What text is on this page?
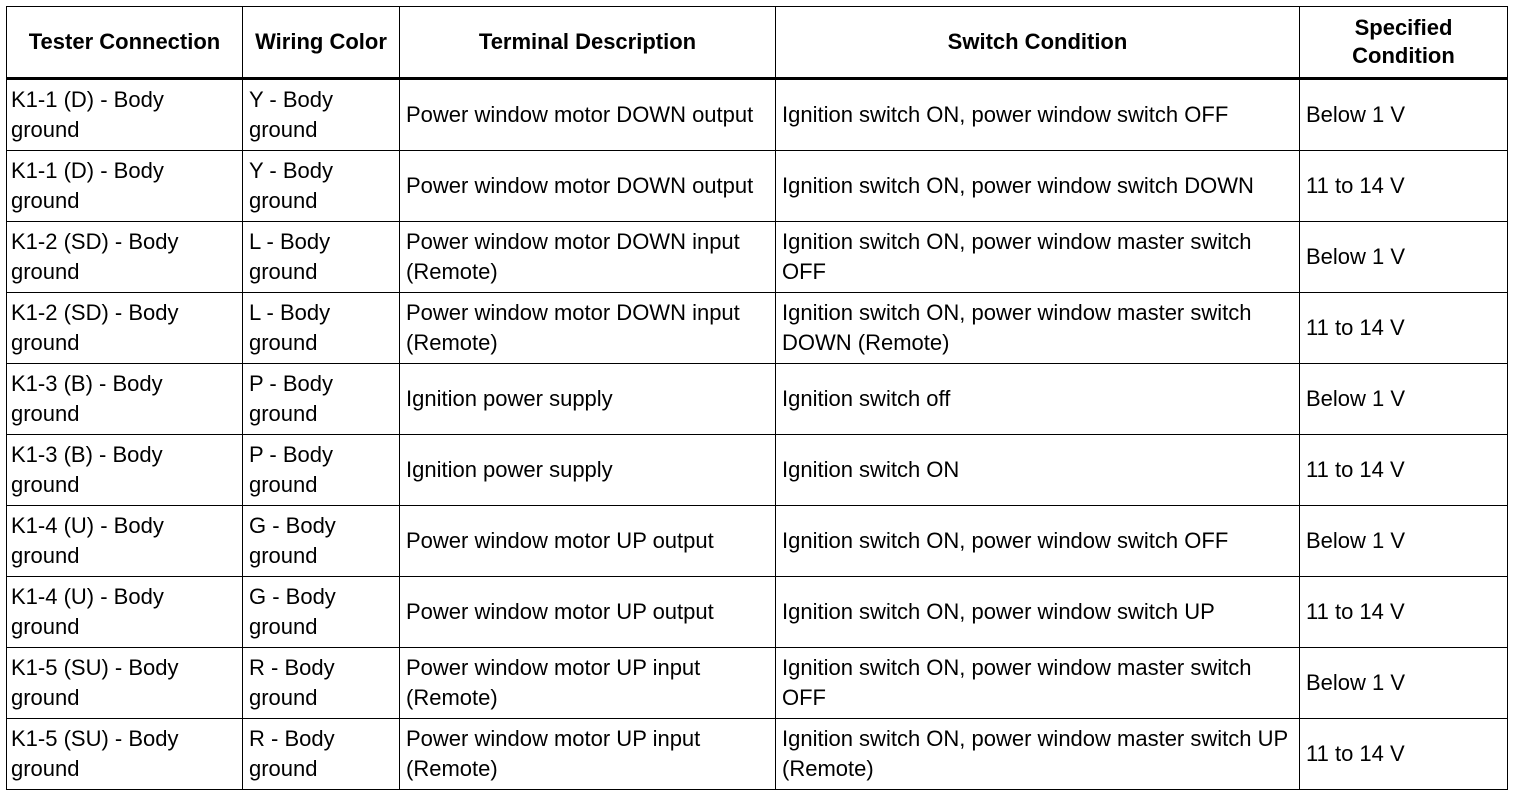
Tester Connection	Wiring Color	Terminal Description	Switch Condition	Specified Condition
K1-1 (D) - Body ground	Y - Body ground	Power window motor DOWN output	Ignition switch ON, power window switch OFF	Below 1 V
K1-1 (D) - Body ground	Y - Body ground	Power window motor DOWN output	Ignition switch ON, power window switch DOWN	11 to 14 V
K1-2 (SD) - Body ground	L - Body ground	Power window motor DOWN input (Remote)	Ignition switch ON, power window master switch OFF	Below 1 V
K1-2 (SD) - Body ground	L - Body ground	Power window motor DOWN input (Remote)	Ignition switch ON, power window master switch DOWN (Remote)	11 to 14 V
K1-3 (B) - Body ground	P - Body ground	Ignition power supply	Ignition switch off	Below 1 V
K1-3 (B) - Body ground	P - Body ground	Ignition power supply	Ignition switch ON	11 to 14 V
K1-4 (U) - Body ground	G - Body ground	Power window motor UP output	Ignition switch ON, power window switch OFF	Below 1 V
K1-4 (U) - Body ground	G - Body ground	Power window motor UP output	Ignition switch ON, power window switch UP	11 to 14 V
K1-5 (SU) - Body ground	R - Body ground	Power window motor UP input (Remote)	Ignition switch ON, power window master switch OFF	Below 1 V
K1-5 (SU) - Body ground	R - Body ground	Power window motor UP input (Remote)	Ignition switch ON, power window master switch UP (Remote)	11 to 14 V
